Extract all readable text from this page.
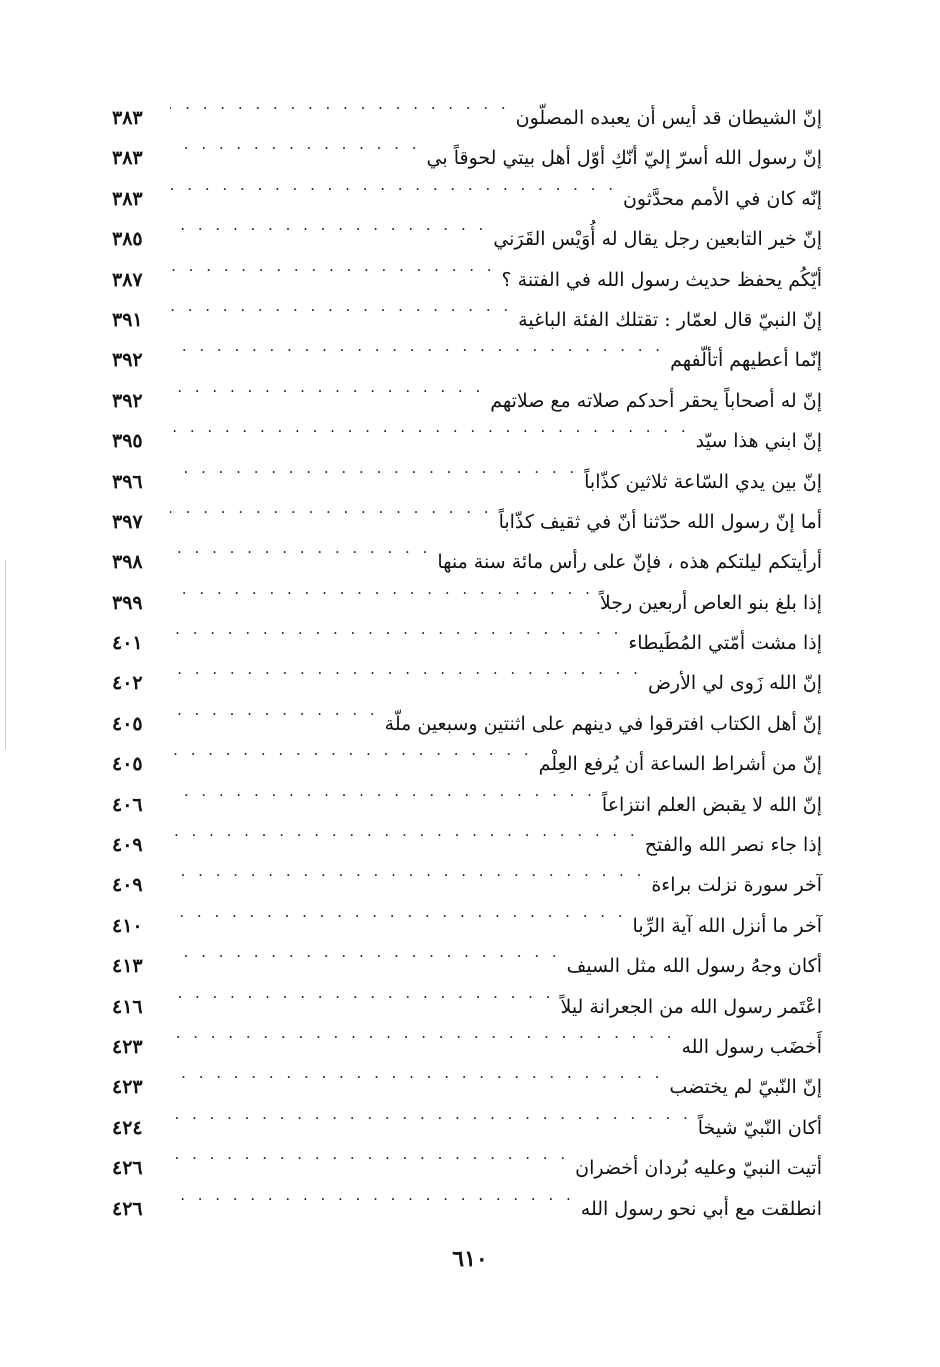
إنّ الشيطان قد أيس أن يعبده المصلّون
. . .
٣٨٣
إنّ رسول الله أسرّ إليّ أنّكِ أوّل أهل بيتي لحوقاً بي
. . .
٣٨٣
إنّه كان في الأمم محدَّثون
. . .
٣٨٣
إنّ خير التابعين رجل يقال له أُوَيْس القَرَني
. . .
٣٨٥
أيّكُم يحفظ حديث رسول الله في الفتنة ؟
. . .
٣٨٧
إنّ النبيّ قال لعمّار : تقتلك الفئة الباغية
. . .
٣٩١
إنّما أعطيهم أتألّفهم
. . .
٣٩٢
إنّ له أصحاباً يحقر أحدكم صلاته مع صلاتهم
. . .
٣٩٢
إنّ ابني هذا سيّد
. . .
٣٩٥
إنّ بين يدي السّاعة ثلاثين كذّاباً
. . .
٣٩٦
أما إنّ رسول الله حدّثنا أنّ في ثقيف كذّاباً
. . .
٣٩٧
أرأيتكم ليلتكم هذه ، فإنّ على رأس مائة سنة منها
. . .
٣٩٨
إذا بلغ بنو العاص أربعين رجلاً
. . .
٣٩٩
إذا مشت أمّتي المُطَيطاء
. . .
٤٠١
إنّ الله زَوى لي الأرض
. . .
٤٠٢
إنّ أهل الكتاب افترقوا في دينهم على اثنتين وسبعين ملّة
. . .
٤٠٥
إنّ من أشراط الساعة أن يُرفع العِلْم
. . .
٤٠٥
إنّ الله لا يقبض العلم انتزاعاً
. . .
٤٠٦
إذا جاء نصر الله والفتح
. . .
٤٠٩
آخر سورة نزلت براءة
. . .
٤٠٩
آخر ما أنزل الله آية الرِّبا
. . .
٤١٠
أكان وجهُ رسول الله مثل السيف
. . .
٤١٣
اعْتَمر رسول الله من الجعرانة ليلاً
. . .
٤١٦
أَخضَب رسول الله
. . .
٤٢٣
إنّ النّبيّ لم يختضب
. . .
٤٢٣
أكان النّبيّ شيخاً
. . .
٤٢٤
أتيت النبيّ وعليه بُردان أخضران
. . .
٤٢٦
انطلقت مع أبي نحو رسول الله
. . .
٤٢٦
٦١٠
